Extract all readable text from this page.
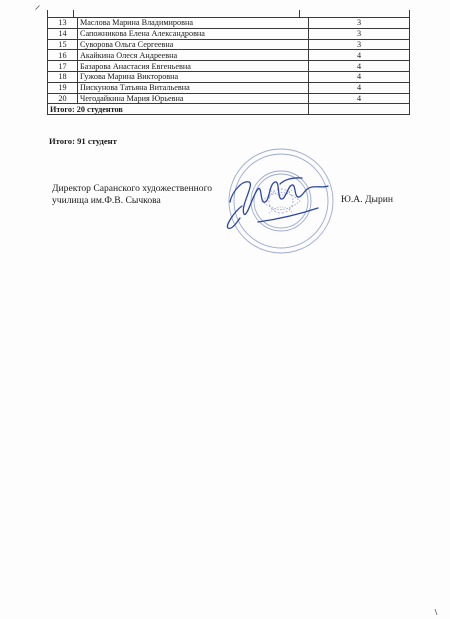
13	Маслова Марина Владимировна	3
14	Сапожникова Елена Александровна	3
15	Суворова Ольга Сергеевна	3
16	Акайкина Олеся Андреевна	4
17	Базарова Анастасия Евгеньевна	4
18	Гужова Марина Викторовна	4
19	Пискунова Татьяна Витальевна	4
20	Чегодайкина Мария Юрьевна	4
Итого: 20 студентов		
Итого: 91 студент
Директор Саранского художественного
училища им.Ф.В. Сычкова	Ю.А. Дырин
